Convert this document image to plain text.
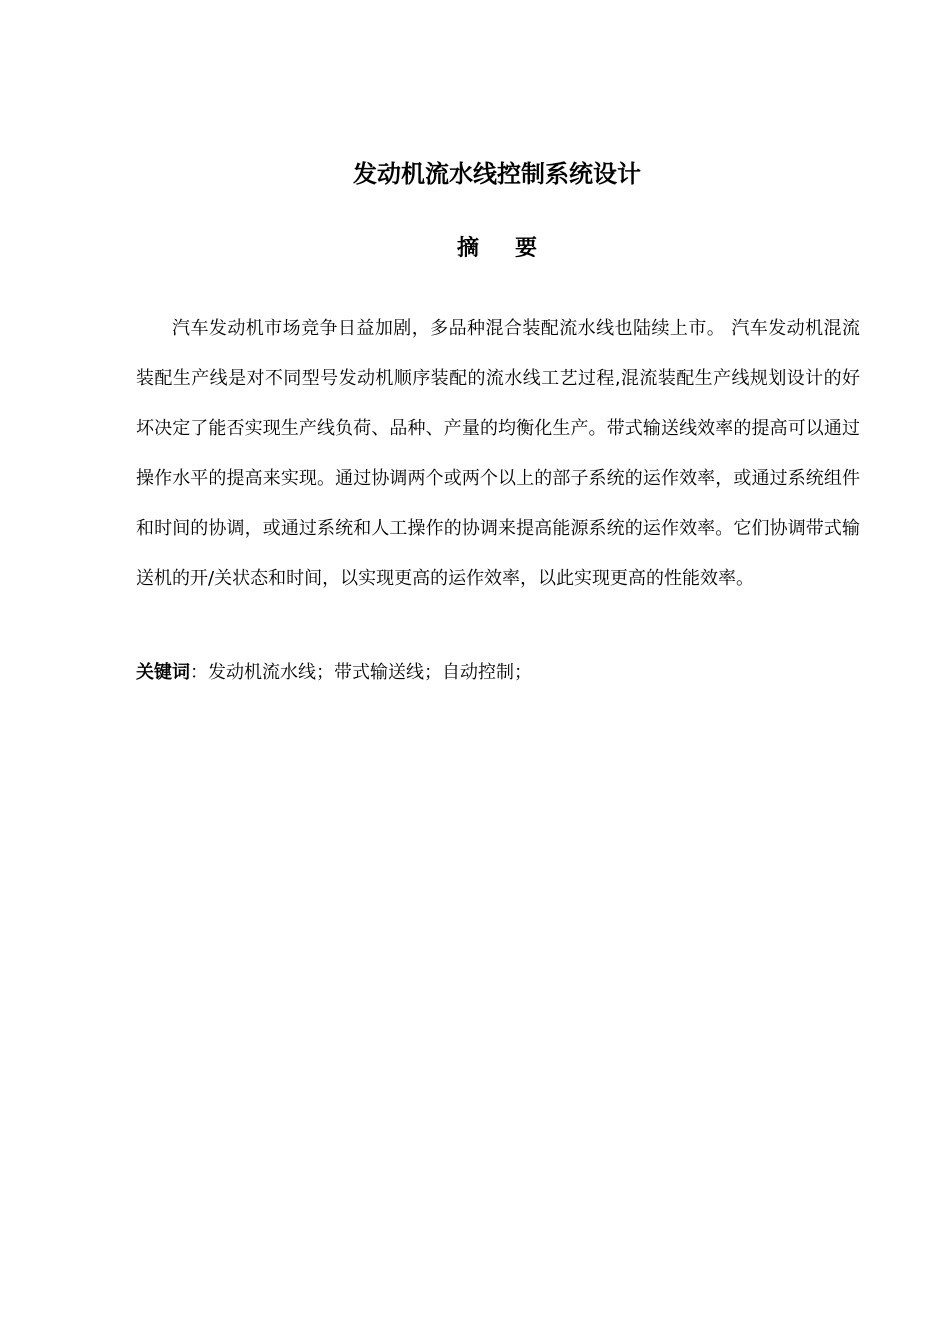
发动机流水线控制系统设计
摘 要

汽车发动机市场竞争日益加剧，多品种混合装配流水线也陆续上市。 汽车发动机混流装配生产线是对不同型号发动机顺序装配的流水线工艺过程,混流装配生产线规划设计的好坏决定了能否实现生产线负荷、品种、产量的均衡化生产。带式输送线效率的提高可以通过操作水平的提高来实现。通过协调两个或两个以上的部子系统的运作效率，或通过系统组件和时间的协调，或通过系统和人工操作的协调来提高能源系统的运作效率。它们协调带式输送机的开/关状态和时间，以实现更高的运作效率，以此实现更高的性能效率。

关键词：发动机流水线；带式输送线；自动控制；
